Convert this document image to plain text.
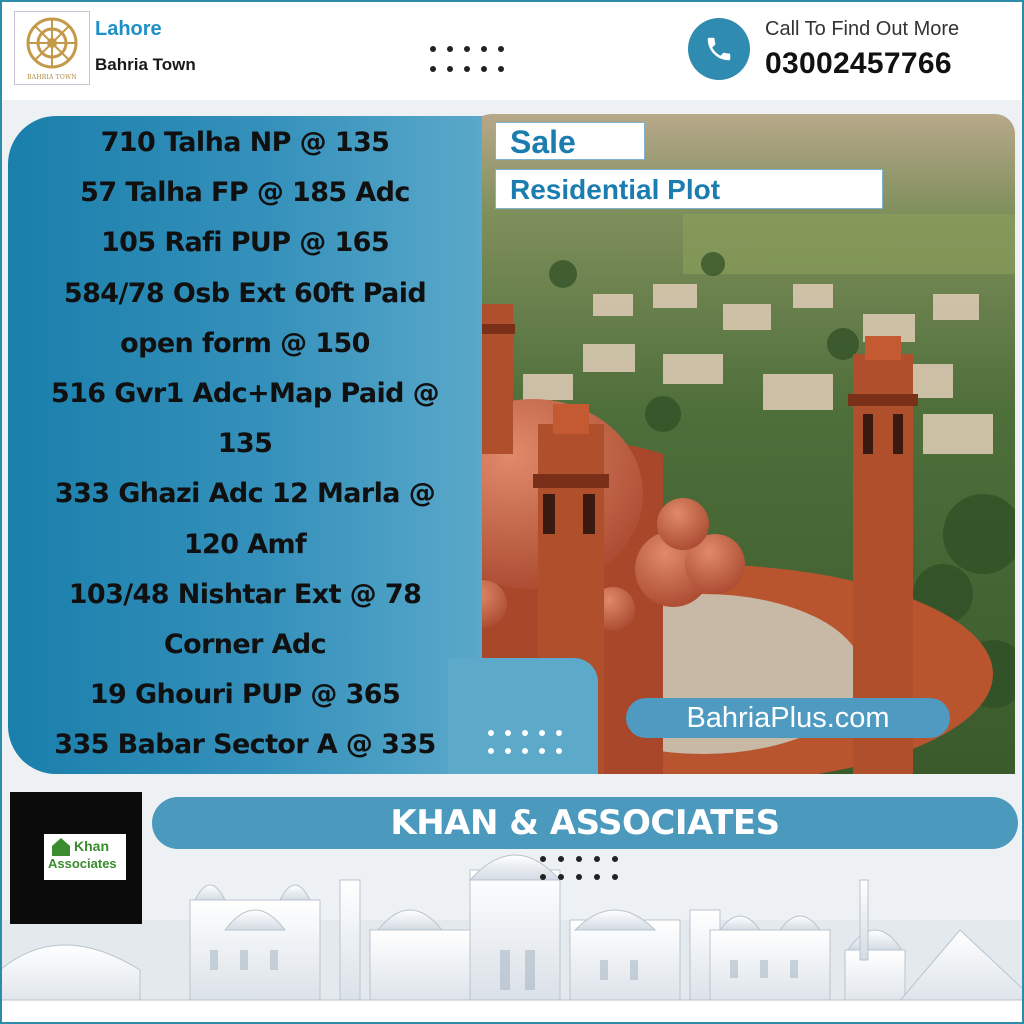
BAHRIA TOWN
Lahore
Bahria Town
Call To Find Out More
03002457766
710 Talha NP @ 135
57 Talha FP @ 185 Adc
105 Rafi PUP @ 165
584/78 Osb Ext 60ft Paid
open form @ 150
516 Gvr1 Adc+Map Paid @
135
333 Ghazi Adc 12 Marla @
120 Amf
103/48 Nishtar Ext @ 78
Corner Adc
19 Ghouri PUP @ 365
335 Babar Sector A @ 335
Sale
Residential Plot
BahriaPlus.com
Khan
Associates
KHAN & ASSOCIATES
